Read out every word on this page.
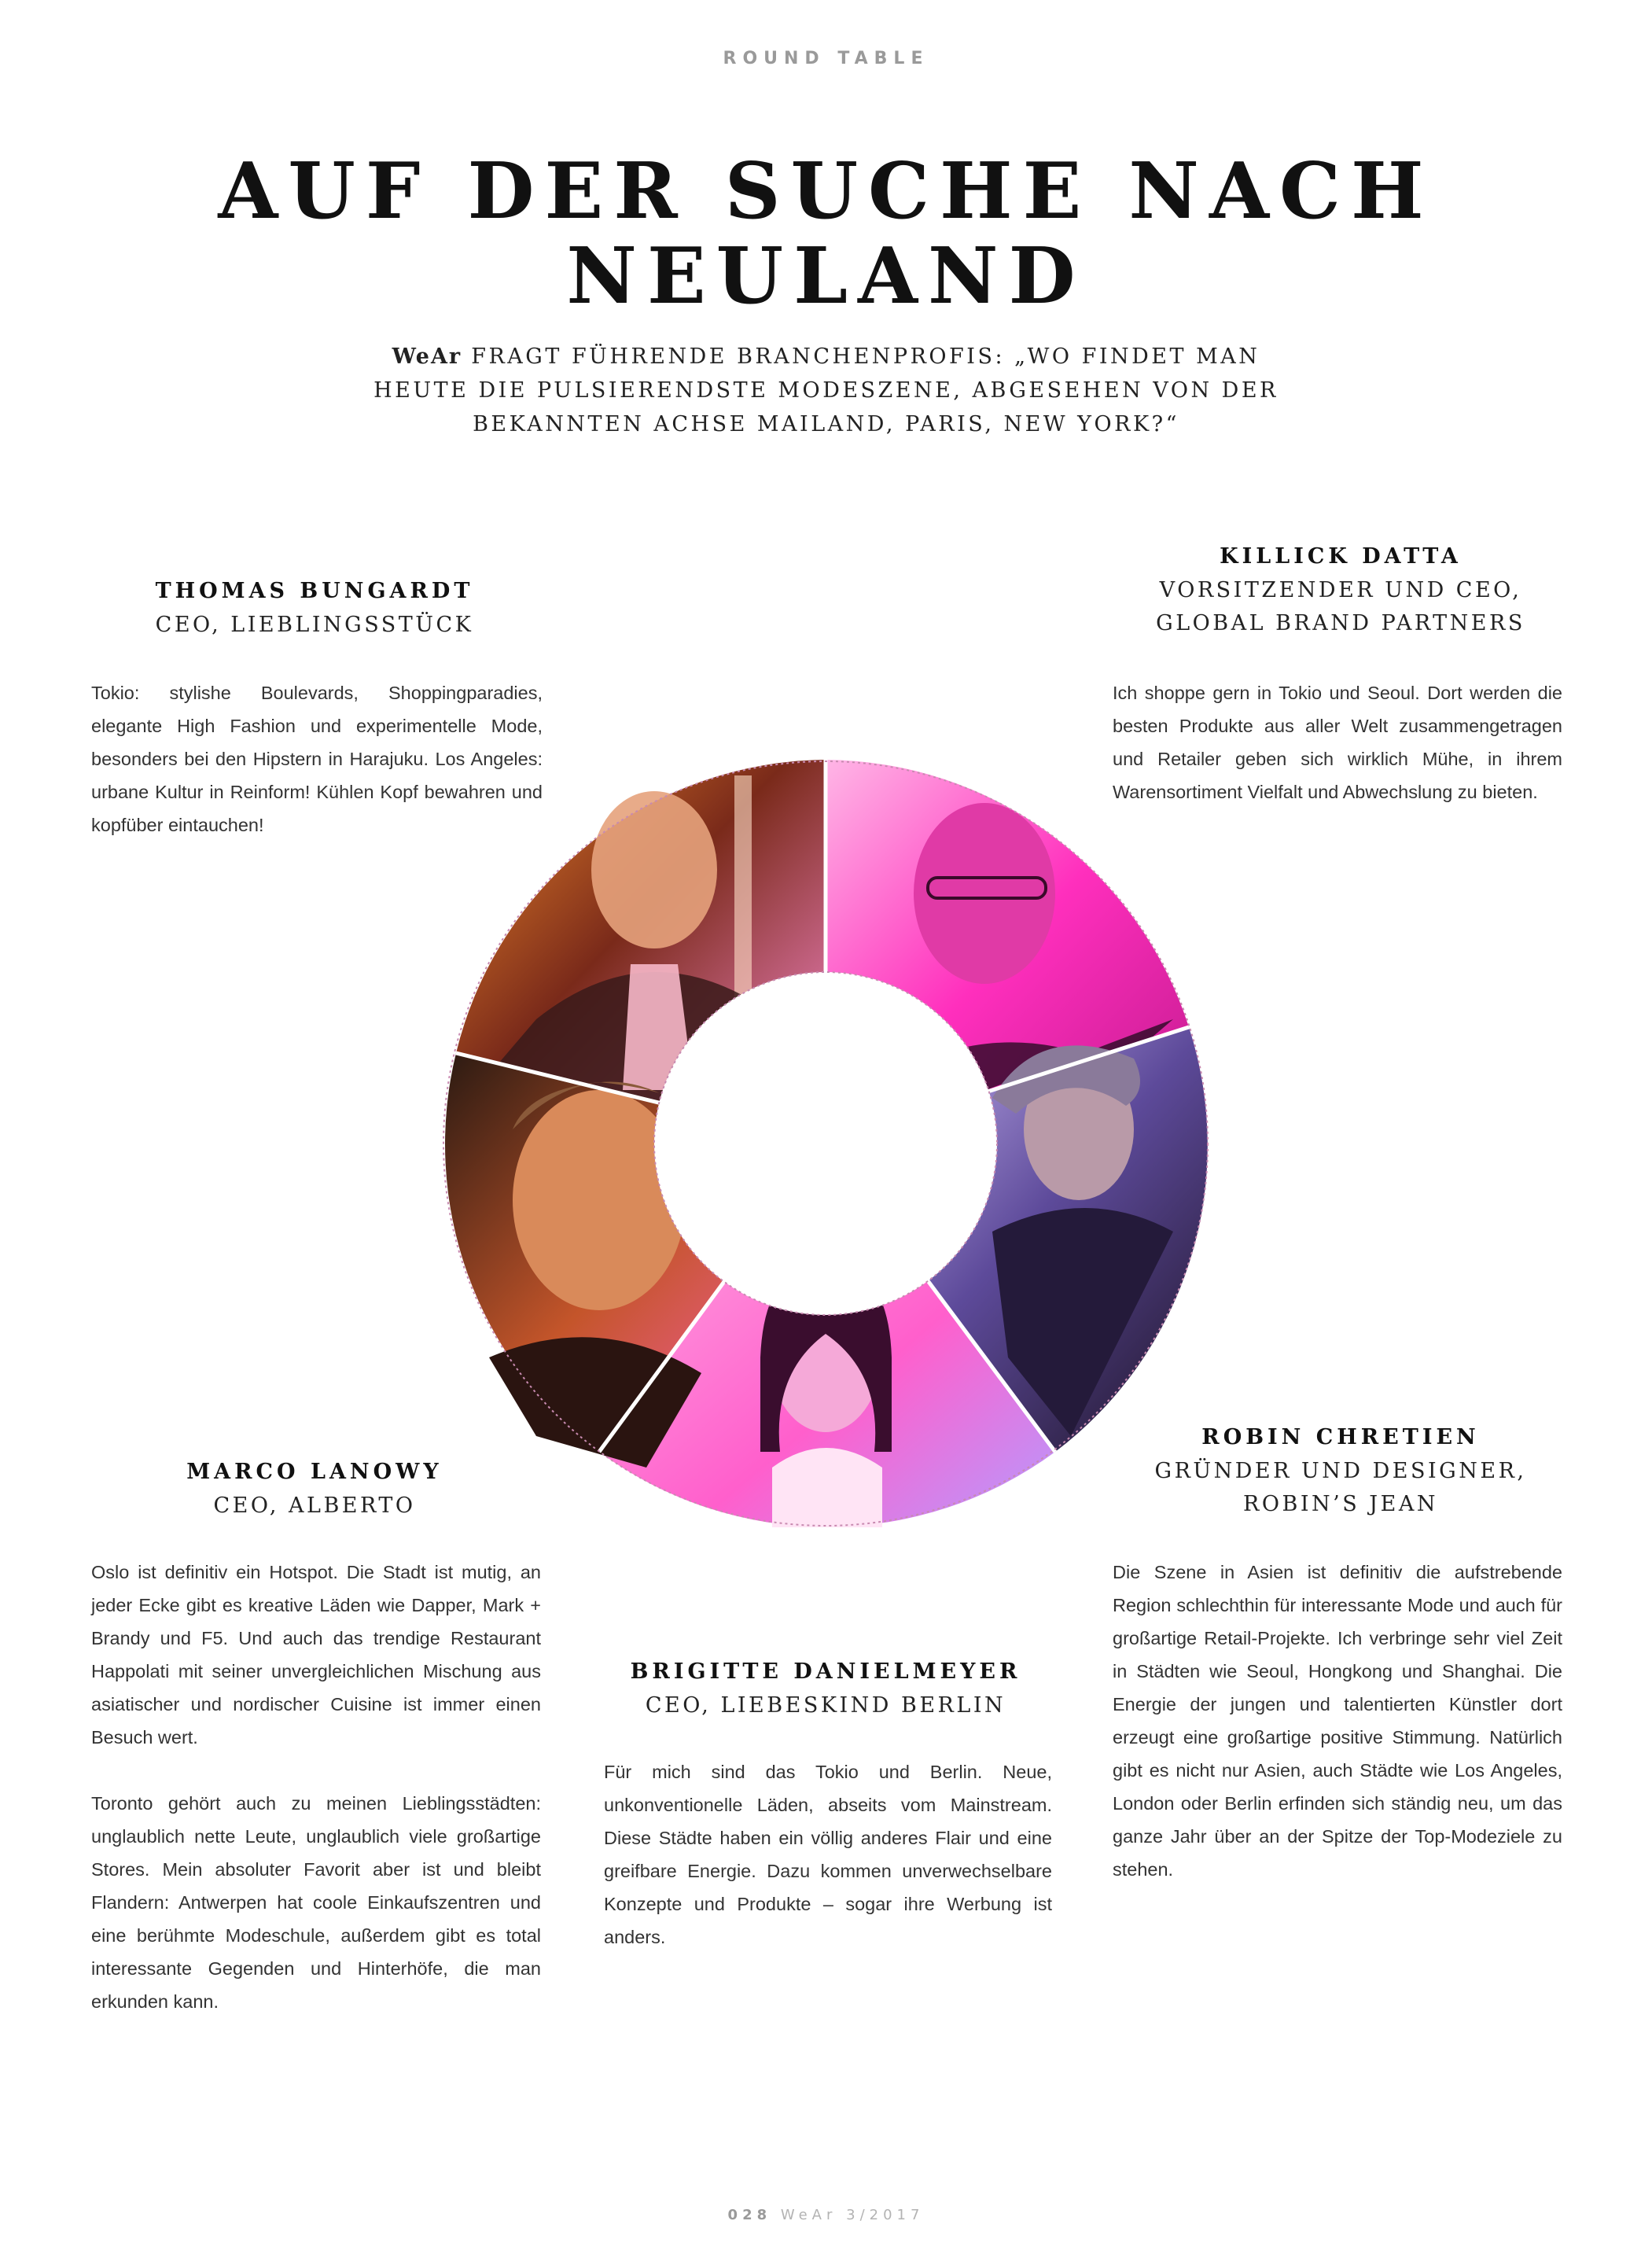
ROUND TABLE
AUF DER SUCHE NACH
NEULAND
WeAr FRAGT FÜHRENDE BRANCHENPROFIS: „WO FINDET MAN
HEUTE DIE PULSIERENDSTE MODESZENE, ABGESEHEN VON DER
BEKANNTEN ACHSE MAILAND, PARIS, NEW YORK?“
THOMAS BUNGARDT
CEO, LIEBLINGSSTÜCK

Tokio: stylishe Boulevards, Shoppingparadies, elegante High Fashion und experimentelle Mode, besonders bei den Hipstern in Harajuku. Los Angeles: urbane Kultur in Reinform! Kühlen Kopf bewahren und kopfüber eintauchen!

KILLICK DATTA
VORSITZENDER UND CEO,
GLOBAL BRAND PARTNERS

Ich shoppe gern in Tokio und Seoul. Dort werden die besten Produkte aus aller Welt zusammengetragen und Retailer geben sich wirklich Mühe, in ihrem Warensortiment Vielfalt und Abwechslung zu bieten.

ROBIN CHRETIEN
GRÜNDER UND DESIGNER,
ROBIN’S JEAN

Die Szene in Asien ist definitiv die aufstrebende Region schlechthin für interessante Mode und auch für großartige Retail-Projekte. Ich verbringe sehr viel Zeit in Städten wie Seoul, Hongkong und Shanghai. Die Energie der jungen und talentierten Künstler dort erzeugt eine großartige positive Stimmung. Natürlich gibt es nicht nur Asien, auch Städte wie Los Angeles, London oder Berlin erfinden sich ständig neu, um das ganze Jahr über an der Spitze der Top-Modeziele zu stehen.

MARCO LANOWY
CEO, ALBERTO

Oslo ist definitiv ein Hotspot. Die Stadt ist mutig, an jeder Ecke gibt es kreative Läden wie Dapper, Mark + Brandy und F5. Und auch das trendige Restaurant Happolati mit seiner unvergleichlichen Mischung aus asiatischer und nordischer Cuisine ist immer einen Besuch wert.

Toronto gehört auch zu meinen Lieblingsstädten: unglaublich nette Leute, unglaublich viele großartige Stores. Mein absoluter Favorit aber ist und bleibt Flandern: Antwerpen hat coole Einkaufszentren und eine berühmte Modeschule, außerdem gibt es total interessante Gegenden und Hinterhöfe, die man erkunden kann.

BRIGITTE DANIELMEYER
CEO, LIEBESKIND BERLIN

Für mich sind das Tokio und Berlin. Neue, unkonventionelle Läden, abseits vom Mainstream. Diese Städte haben ein völlig anderes Flair und eine greifbare Energie. Dazu kommen unverwechselbare Konzepte und Produkte – sogar ihre Werbung ist anders.

028 WeAr 3/2017
